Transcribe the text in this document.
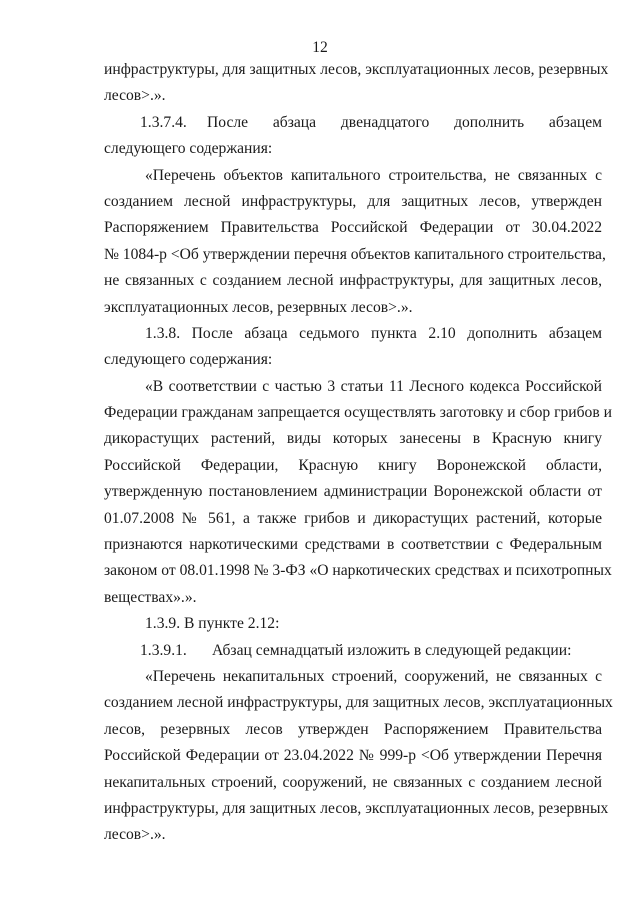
12
инфраструктуры, для защитных лесов, эксплуатационных лесов, резервных
лесов>.».
1.3.7.4.	После абзаца двенадцатого дополнить абзацем
следующего содержания:
«Перечень объектов капитального строительства, не связанных с
созданием лесной инфраструктуры, для защитных лесов, утвержден
Распоряжением Правительства Российской Федерации от 30.04.2022
№ 1084-р <Об утверждении перечня объектов капитального строительства,
не связанных с созданием лесной инфраструктуры, для защитных лесов,
эксплуатационных лесов, резервных лесов>.».
1.3.8. После абзаца седьмого пункта 2.10 дополнить абзацем
следующего содержания:
«В соответствии с частью 3 статьи 11 Лесного кодекса Российской
Федерации гражданам запрещается осуществлять заготовку и сбор грибов и
дикорастущих растений, виды которых занесены в Красную книгу
Российской Федерации, Красную книгу Воронежской области,
утвержденную постановлением администрации Воронежской области от
01.07.2008 № 561, а также грибов и дикорастущих растений, которые
признаются наркотическими средствами в соответствии с Федеральным
законом от 08.01.1998 № 3-ФЗ «О наркотических средствах и психотропных
веществах».».
1.3.9. В пункте 2.12:
1.3.9.1. Абзац семнадцатый изложить в следующей редакции:
«Перечень некапитальных строений, сооружений, не связанных с
созданием лесной инфраструктуры, для защитных лесов, эксплуатационных
лесов, резервных лесов утвержден Распоряжением Правительства
Российской Федерации от 23.04.2022 № 999-р <Об утверждении Перечня
некапитальных строений, сооружений, не связанных с созданием лесной
инфраструктуры, для защитных лесов, эксплуатационных лесов, резервных
лесов>.».
